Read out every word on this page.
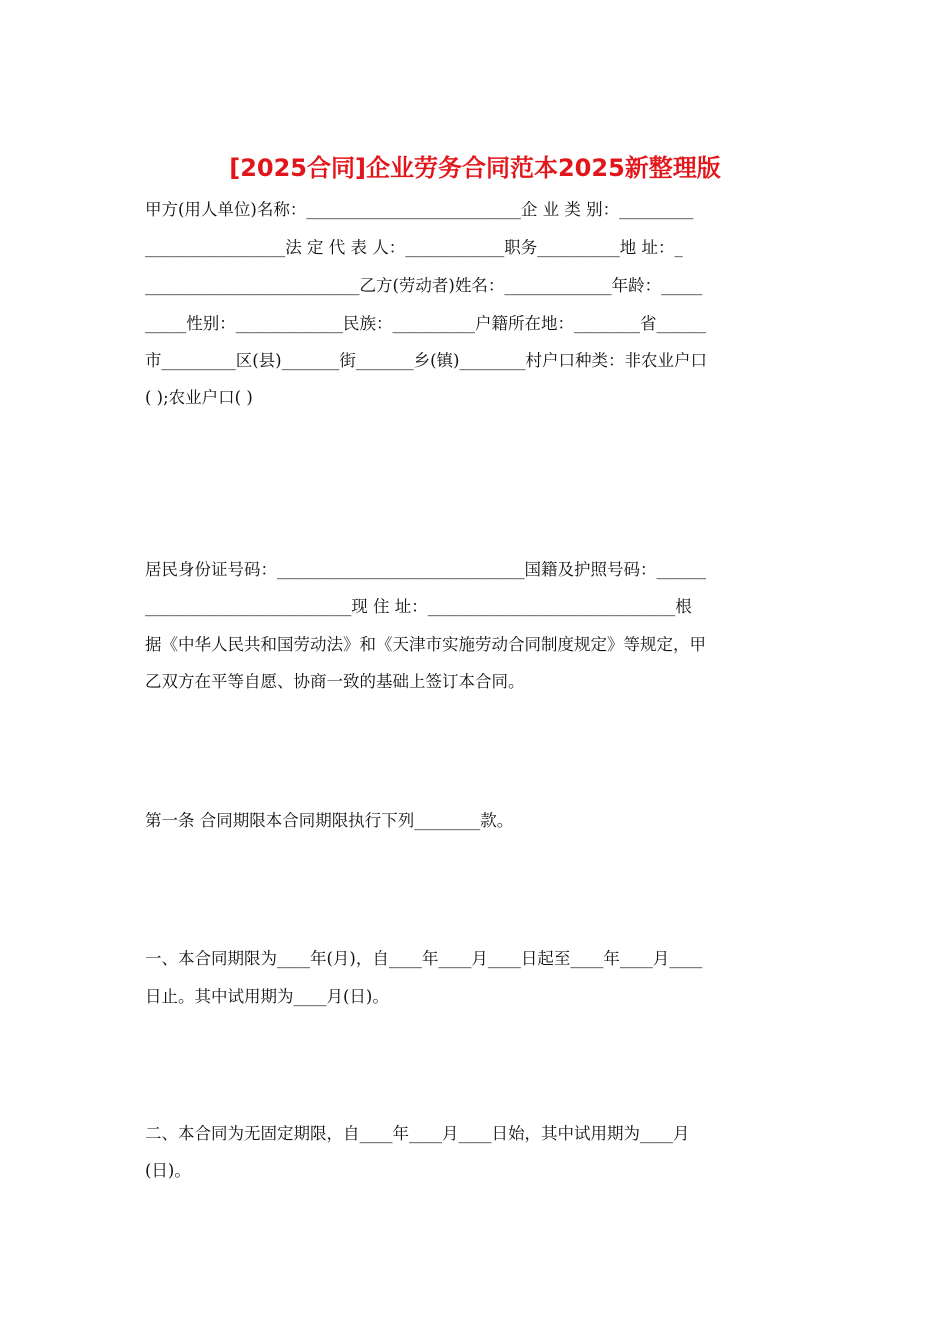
[2025合同]企业劳务合同范本2025新整理版
甲方(用人单位)名称：__________________________企 业 类 别：_________
_________________法 定 代 表 人：____________职务__________地 址：_
__________________________乙方(劳动者)姓名：_____________年龄：_____
_____性别：_____________民族：__________户籍所在地：________省______
市_________区(县)_______街_______乡(镇)________村户口种类：非农业户口
( );农业户口( )
居民身份证号码：______________________________国籍及护照号码：______
_________________________现 住 址：______________________________根
据《中华人民共和国劳动法》和《天津市实施劳动合同制度规定》等规定，甲
乙双方在平等自愿、协商一致的基础上签订本合同。
第一条 合同期限本合同期限执行下列________款。
一、本合同期限为____年(月)，自____年____月____日起至____年____月____
日止。其中试用期为____月(日)。
二、本合同为无固定期限，自____年____月____日始，其中试用期为____月
(日)。
